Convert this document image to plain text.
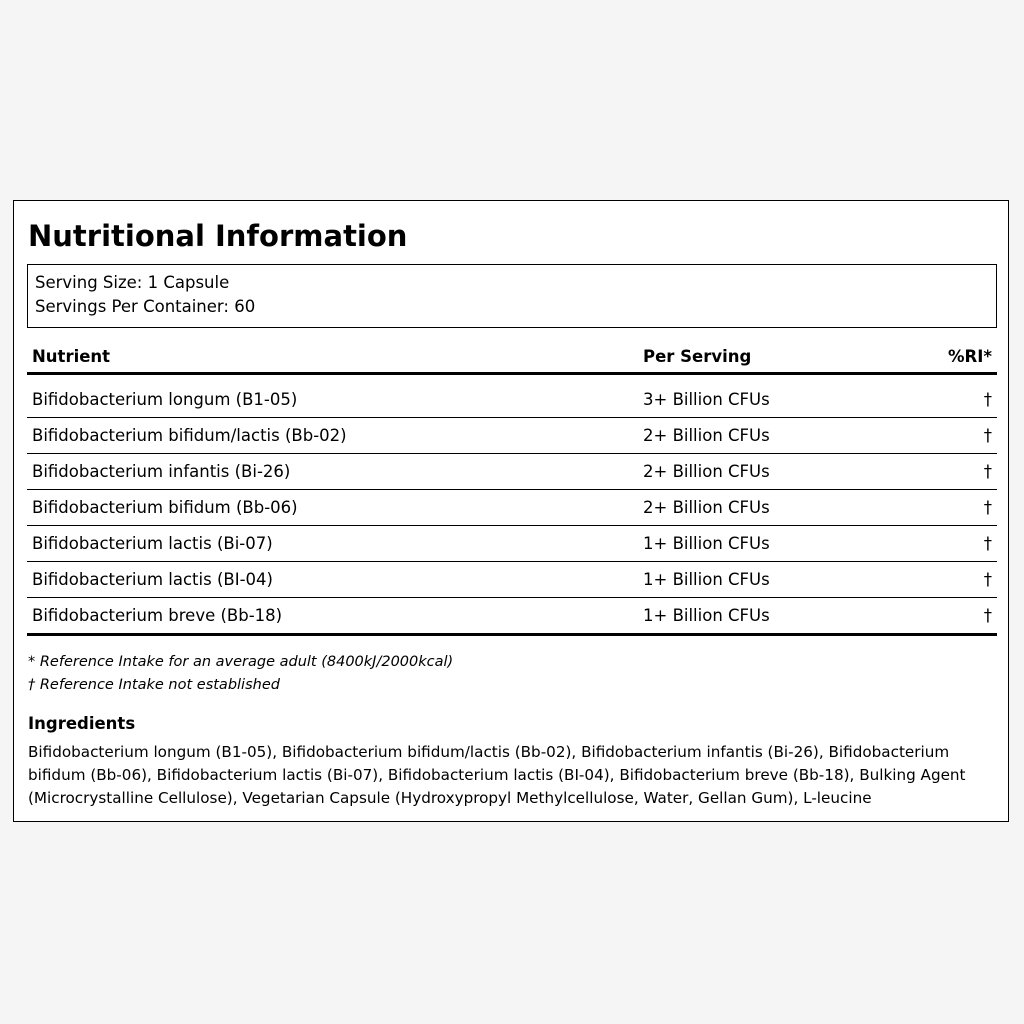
Nutritional Information
Serving Size: 1 Capsule
Servings Per Container: 60
Nutrient	Per Serving	%RI*
Bifidobacterium longum (B1-05)	3+ Billion CFUs	†
Bifidobacterium bifidum/lactis (Bb-02)	2+ Billion CFUs	†
Bifidobacterium infantis (Bi-26)	2+ Billion CFUs	†
Bifidobacterium bifidum (Bb-06)	2+ Billion CFUs	†
Bifidobacterium lactis (Bi-07)	1+ Billion CFUs	†
Bifidobacterium lactis (BI-04)	1+ Billion CFUs	†
Bifidobacterium breve (Bb-18)	1+ Billion CFUs	†
* Reference Intake for an average adult (8400kJ/2000kcal)
† Reference Intake not established
Ingredients
Bifidobacterium longum (B1-05), Bifidobacterium bifidum/lactis (Bb-02), Bifidobacterium infantis (Bi-26), Bifidobacterium bifidum (Bb-06), Bifidobacterium lactis (Bi-07), Bifidobacterium lactis (BI-04), Bifidobacterium breve (Bb-18), Bulking Agent (Microcrystalline Cellulose), Vegetarian Capsule (Hydroxypropyl Methylcellulose, Water, Gellan Gum), L-leucine
